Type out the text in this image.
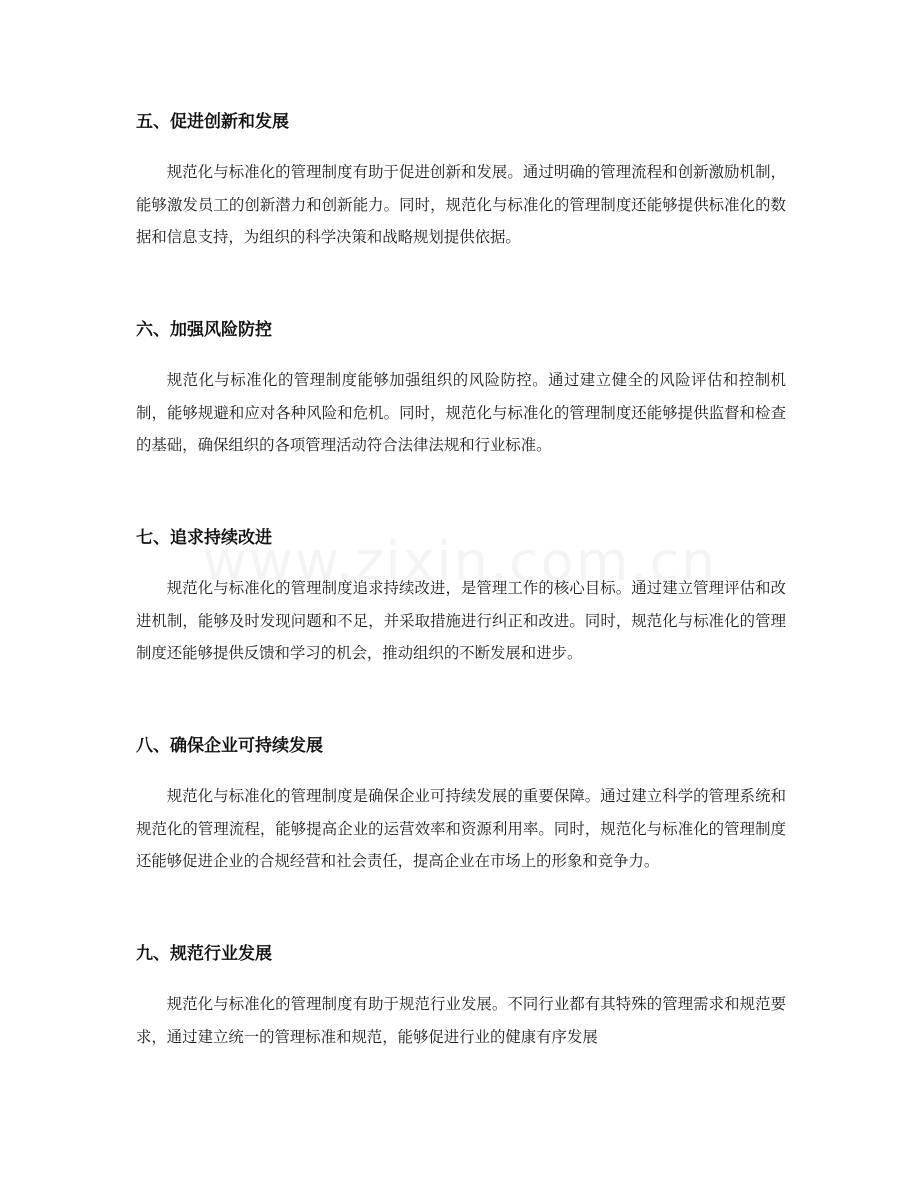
五、促进创新和发展

规范化与标准化的管理制度有助于促进创新和发展。通过明确的管理流程和创新激励机制，能够激发员工的创新潜力和创新能力。同时，规范化与标准化的管理制度还能够提供标准化的数据和信息支持，为组织的科学决策和战略规划提供依据。

六、加强风险防控

规范化与标准化的管理制度能够加强组织的风险防控。通过建立健全的风险评估和控制机制，能够规避和应对各种风险和危机。同时，规范化与标准化的管理制度还能够提供监督和检查的基础，确保组织的各项管理活动符合法律法规和行业标准。

七、追求持续改进

规范化与标准化的管理制度追求持续改进，是管理工作的核心目标。通过建立管理评估和改进机制，能够及时发现问题和不足，并采取措施进行纠正和改进。同时，规范化与标准化的管理制度还能够提供反馈和学习的机会，推动组织的不断发展和进步。

八、确保企业可持续发展

规范化与标准化的管理制度是确保企业可持续发展的重要保障。通过建立科学的管理系统和规范化的管理流程，能够提高企业的运营效率和资源利用率。同时，规范化与标准化的管理制度还能够促进企业的合规经营和社会责任，提高企业在市场上的形象和竞争力。

九、规范行业发展

规范化与标准化的管理制度有助于规范行业发展。不同行业都有其特殊的管理需求和规范要求，通过建立统一的管理标准和规范，能够促进行业的健康有序发展
